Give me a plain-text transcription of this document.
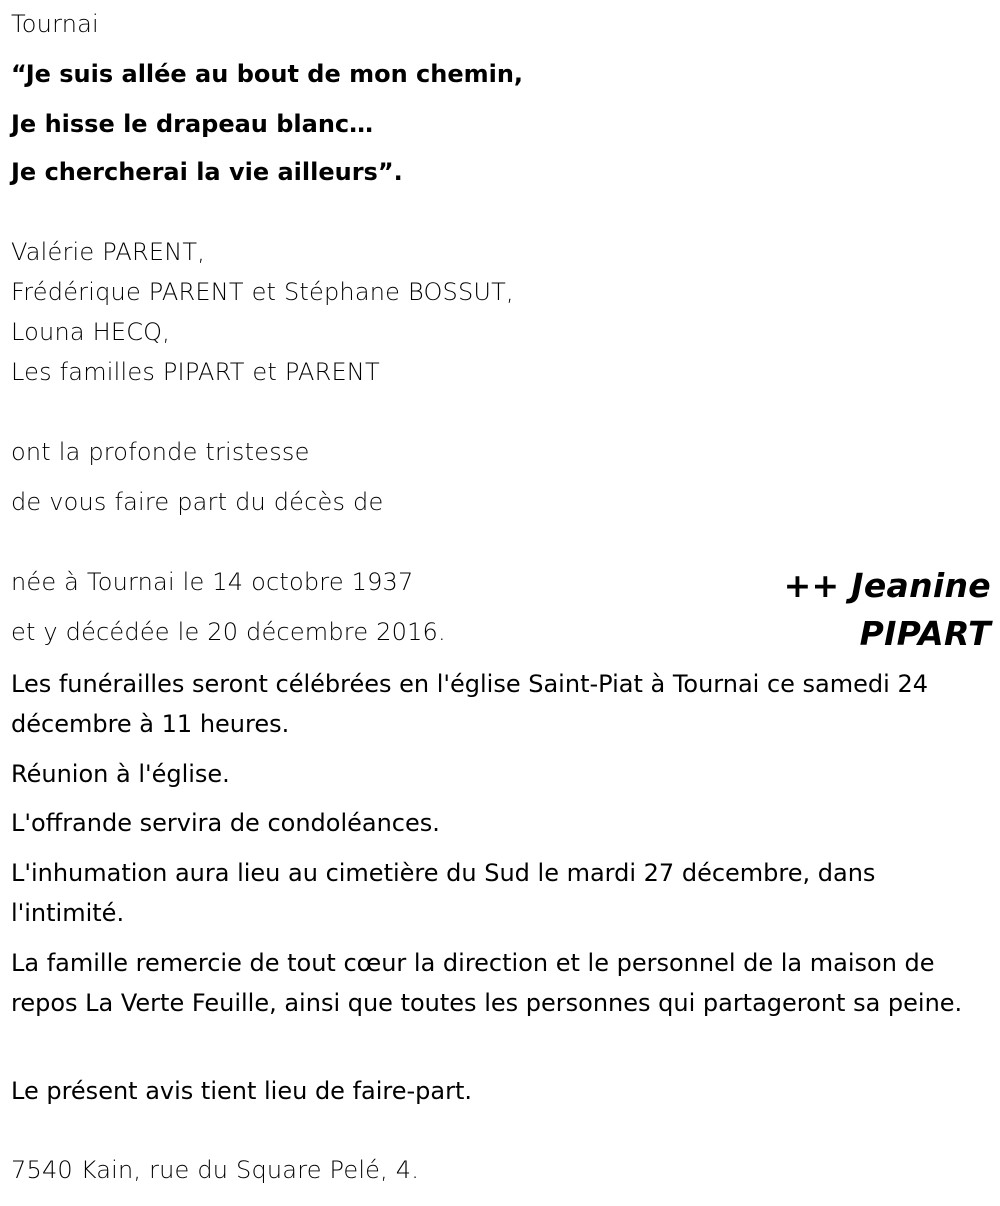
Tournai
“Je suis allée au bout de mon chemin,
Je hisse le drapeau blanc…
Je chercherai la vie ailleurs”.
Valérie PARENT,
Frédérique PARENT et Stéphane BOSSUT,
Louna HECQ,
Les familles PIPART et PARENT
ont la profonde tristesse
de vous faire part du décès de
++ Jeanine
PIPART
née à Tournai le 14 octobre 1937
et y décédée le 20 décembre 2016.
Les funérailles seront célébrées en l'église Saint-Piat à Tournai ce samedi 24 décembre à 11 heures.
Réunion à l'église.
L'offrande servira de condoléances.
L'inhumation aura lieu au cimetière du Sud le mardi 27 décembre, dans l'intimité.
La famille remercie de tout cœur la direction et le personnel de la maison de repos La Verte Feuille, ainsi que toutes les personnes qui partageront sa peine.
Le présent avis tient lieu de faire-part.
7540 Kain, rue du Square Pelé, 4.
